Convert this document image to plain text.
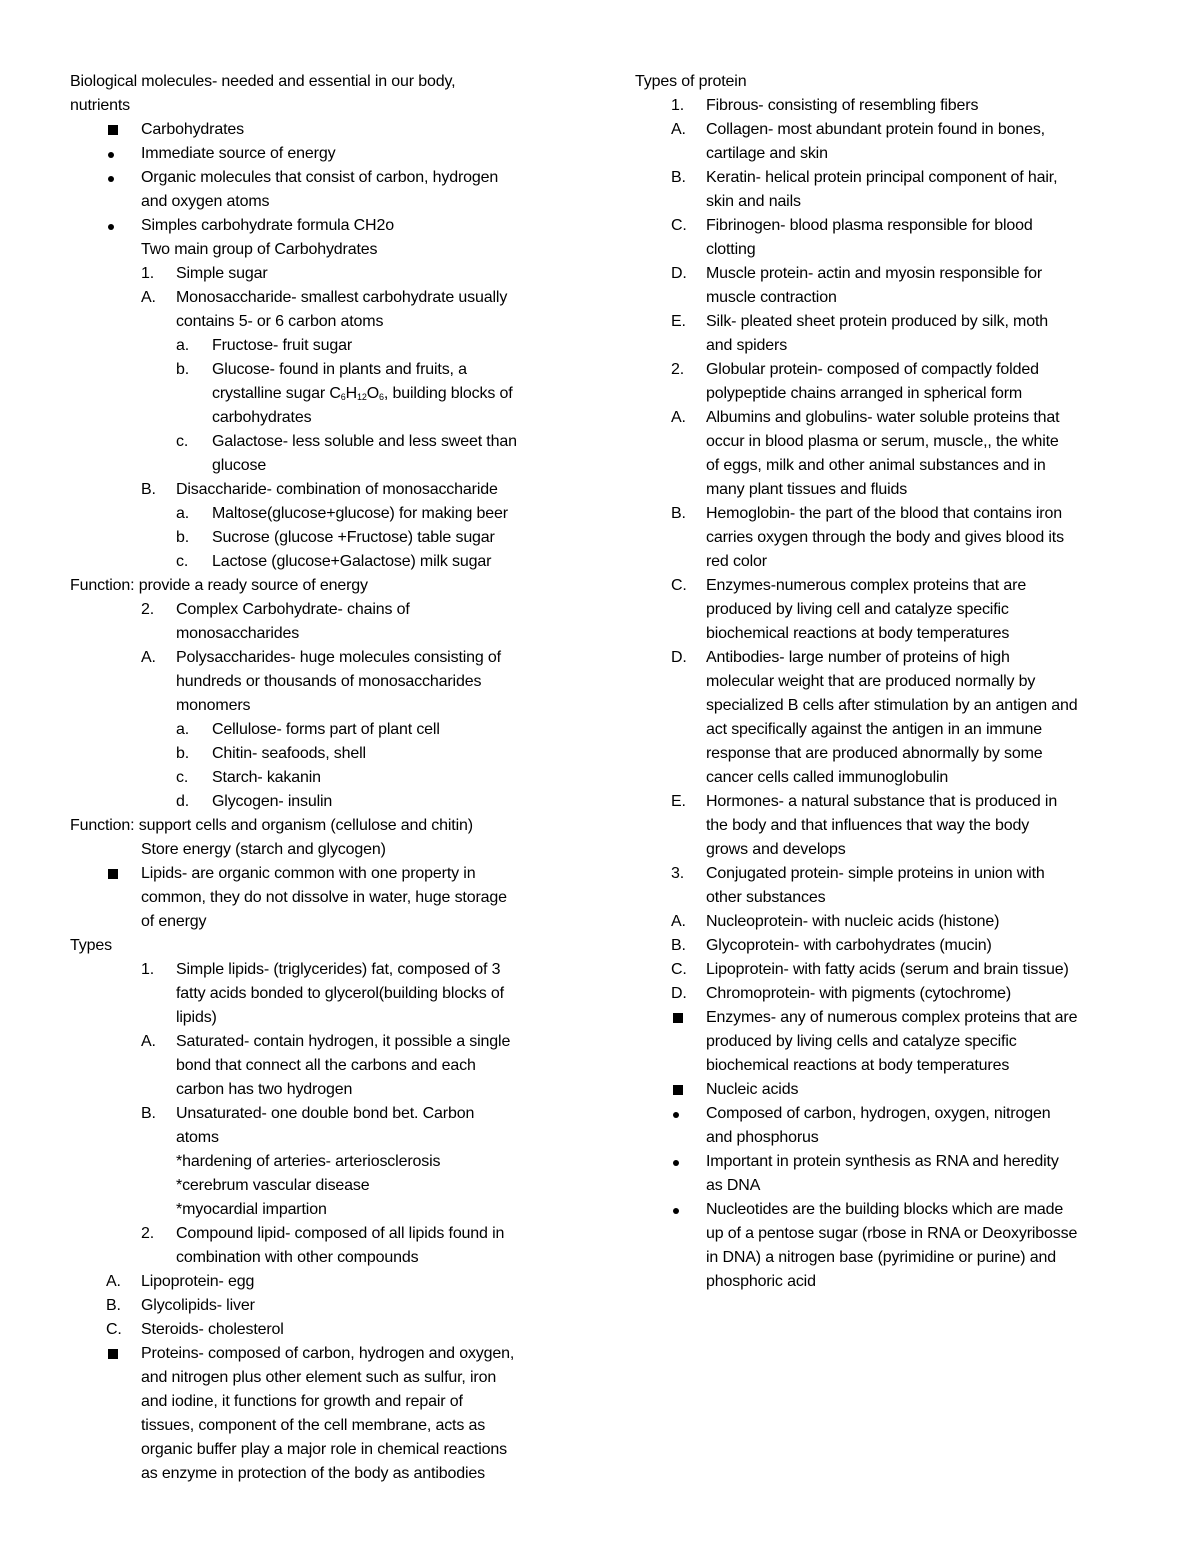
Biological molecules- needed and essential in our body,
nutrients
Carbohydrates
Immediate source of energy
Organic molecules that consist of carbon, hydrogen
and oxygen atoms
Simples carbohydrate formula CH2o
Two main group of Carbohydrates
1. Simple sugar
A. Monosaccharide- smallest carbohydrate usually
contains 5- or 6 carbon atoms
a. Fructose- fruit sugar
b. Glucose- found in plants and fruits, a
crystalline sugar $C_6H_{12}O_6$, building blocks of
carbohydrates
c. Galactose- less soluble and less sweet than
glucose
B. Disaccharide- combination of monosaccharide
a. Maltose(glucose+glucose) for making beer
b. Sucrose (glucose +Fructose) table sugar
c. Lactose (glucose+Galactose) milk sugar
Function: provide a ready source of energy
2. Complex Carbohydrate- chains of
monosaccharides
A. Polysaccharides- huge molecules consisting of
hundreds or thousands of monosaccharides
monomers
a. Cellulose- forms part of plant cell
b. Chitin- seafoods, shell
c. Starch- kakanin
d. Glycogen- insulin
Function: support cells and organism (cellulose and chitin)
Store energy (starch and glycogen)
Lipids- are organic common with one property in
common, they do not dissolve in water, huge storage
of energy
Types
1. Simple lipids- (triglycerides) fat, composed of 3
fatty acids bonded to glycerol(building blocks of
lipids)
A. Saturated- contain hydrogen, it possible a single
bond that connect all the carbons and each
carbon has two hydrogen
B. Unsaturated- one double bond bet. Carbon
atoms
*hardening of arteries- arteriosclerosis
*cerebrum vascular disease
*myocardial impartion
2. Compound lipid- composed of all lipids found in
combination with other compounds
A. Lipoprotein- egg
B. Glycolipids- liver
C. Steroids- cholesterol
Proteins- composed of carbon, hydrogen and oxygen,
and nitrogen plus other element such as sulfur, iron
and iodine, it functions for growth and repair of
tissues, component of the cell membrane, acts as
organic buffer play a major role in chemical reactions
as enzyme in protection of the body as antibodies
Types of protein
1. Fibrous- consisting of resembling fibers
A. Collagen- most abundant protein found in bones,
cartilage and skin
B. Keratin- helical protein principal component of hair,
skin and nails
C. Fibrinogen- blood plasma responsible for blood
clotting
D. Muscle protein- actin and myosin responsible for
muscle contraction
E. Silk- pleated sheet protein produced by silk, moth
and spiders
2. Globular protein- composed of compactly folded
polypeptide chains arranged in spherical form
A. Albumins and globulins- water soluble proteins that
occur in blood plasma or serum, muscle,, the white
of eggs, milk and other animal substances and in
many plant tissues and fluids
B. Hemoglobin- the part of the blood that contains iron
carries oxygen through the body and gives blood its
red color
C. Enzymes-numerous complex proteins that are
produced by living cell and catalyze specific
biochemical reactions at body temperatures
D. Antibodies- large number of proteins of high
molecular weight that are produced normally by
specialized B cells after stimulation by an antigen and
act specifically against the antigen in an immune
response that are produced abnormally by some
cancer cells called immunoglobulin
E. Hormones- a natural substance that is produced in
the body and that influences that way the body
grows and develops
3. Conjugated protein- simple proteins in union with
other substances
A. Nucleoprotein- with nucleic acids (histone)
B. Glycoprotein- with carbohydrates (mucin)
C. Lipoprotein- with fatty acids (serum and brain tissue)
D. Chromoprotein- with pigments (cytochrome)
Enzymes- any of numerous complex proteins that are
produced by living cells and catalyze specific
biochemical reactions at body temperatures
Nucleic acids
Composed of carbon, hydrogen, oxygen, nitrogen
and phosphorus
Important in protein synthesis as RNA and heredity
as DNA
Nucleotides are the building blocks which are made
up of a pentose sugar (rbose in RNA or Deoxyribosse
in DNA) a nitrogen base (pyrimidine or purine) and
phosphoric acid
